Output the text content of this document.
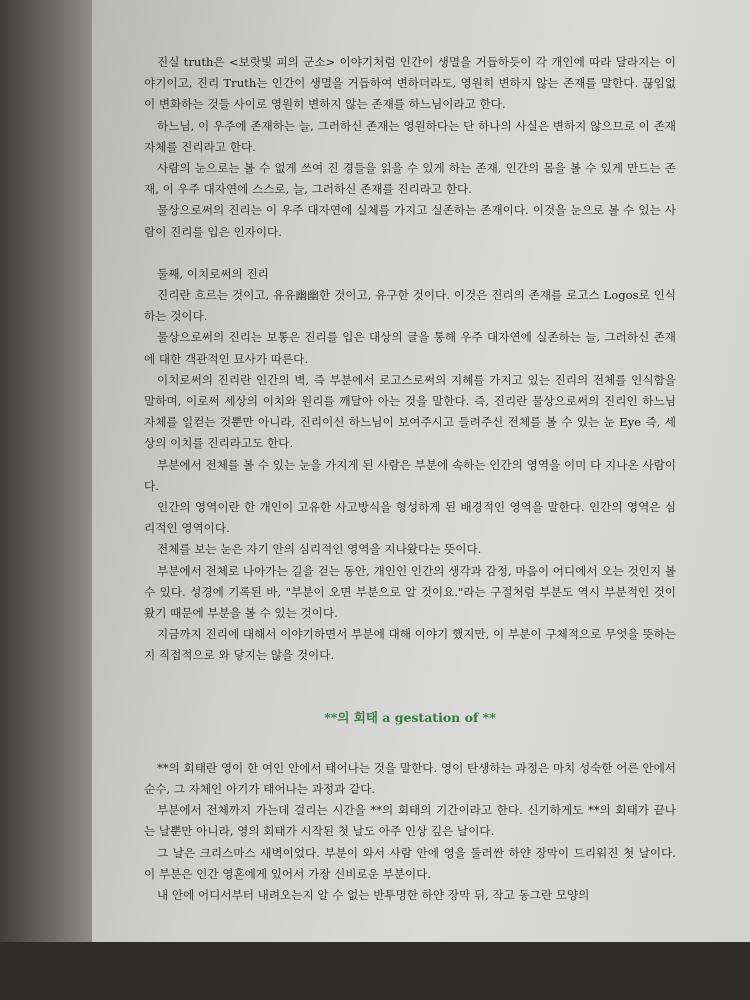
진실 truth은 <보랏빛 피의 군소> 이야기처럼 인간이 생멸을 거듭하듯이 각 개인에 따라 달라지는 이야기이고, 진리 Truth는 인간이 생멸을 거듭하여 변하더라도, 영원히 변하지 않는 존재를 말한다. 끊임없이 변화하는 것들 사이로 영원히 변하지 않는 존재를 하느님이라고 한다.

하느님, 이 우주에 존재하는 늘, 그러하신 존재는 영원하다는 단 하나의 사실은 변하지 않으므로 이 존재 자체를 진리라고 한다.

사람의 눈으로는 볼 수 없게 쓰여 진 경들을 읽을 수 있게 하는 존재, 인간의 몸을 볼 수 있게 만드는 존재, 이 우주 대자연에 스스로, 늘, 그러하신 존재를 진리라고 한다.

물상으로써의 진리는 이 우주 대자연에 실체를 가지고 실존하는 존재이다. 이것을 눈으로 볼 수 있는 사람이 진리를 입은 인자이다.

둘째, 이치로써의 진리

진리란 흐르는 것이고, 유유幽幽한 것이고, 유구한 것이다. 이것은 진리의 존재를 로고스 Logos로 인식하는 것이다.

물상으로써의 진리는 보통은 진리를 입은 대상의 글을 통해 우주 대자연에 실존하는 늘, 그러하신 존재에 대한 객관적인 묘사가 따른다.

이치로써의 진리란 인간의 벽, 즉 부분에서 로고스로써의 지혜를 가지고 있는 진리의 전체를 인식함을 말하며, 이로써 세상의 이치와 원리를 깨달아 아는 것을 말한다. 즉, 진리란 물상으로써의 진리인 하느님 자체를 일컫는 것뿐만 아니라, 진리이신 하느님이 보여주시고 들려주신 전체를 볼 수 있는 눈 Eye 즉, 세상의 이치를 진리라고도 한다.

부분에서 전체를 볼 수 있는 눈을 가지게 된 사람은 부분에 속하는 인간의 영역을 이미 다 지나온 사람이다.

인간의 영역이란 한 개인이 고유한 사고방식을 형성하게 된 배경적인 영역을 말한다. 인간의 영역은 심리적인 영역이다.

전체를 보는 눈은 자기 안의 심리적인 영역을 지나왔다는 뜻이다.

부분에서 전체로 나아가는 길을 걷는 동안, 개인인 인간의 생각과 감정, 마음이 어디에서 오는 것인지 볼 수 있다. 성경에 기록된 바, "부분이 오면 부분으로 알 것이요."라는 구절처럼 부분도 역시 부분적인 것이 왔기 때문에 부분을 볼 수 있는 것이다.

지금까지 진리에 대해서 이야기하면서 부분에 대해 이야기 했지만, 이 부분이 구체적으로 무엇을 뜻하는지 직접적으로 와 닿지는 않을 것이다.

**의 회태 a gestation of **

**의 회태란 영이 한 여인 안에서 태어나는 것을 말한다. 영이 탄생하는 과정은 마치 성숙한 어른 안에서 순수, 그 자체인 아기가 태어나는 과정과 같다.

부분에서 전체까지 가는데 걸리는 시간을 **의 회태의 기간이라고 한다. 신기하게도 **의 회태가 끝나는 날뿐만 아니라, 영의 회태가 시작된 첫 날도 아주 인상 깊은 날이다.

그 날은 크리스마스 새벽이었다. 부분이 와서 사람 안에 영을 둘러싼 하얀 장막이 드리워진 첫 날이다. 이 부분은 인간 영혼에게 있어서 가장 신비로운 부분이다.

내 안에 어디서부터 내려오는지 알 수 없는 반투명한 하얀 장막 뒤, 작고 동그란 모양의
